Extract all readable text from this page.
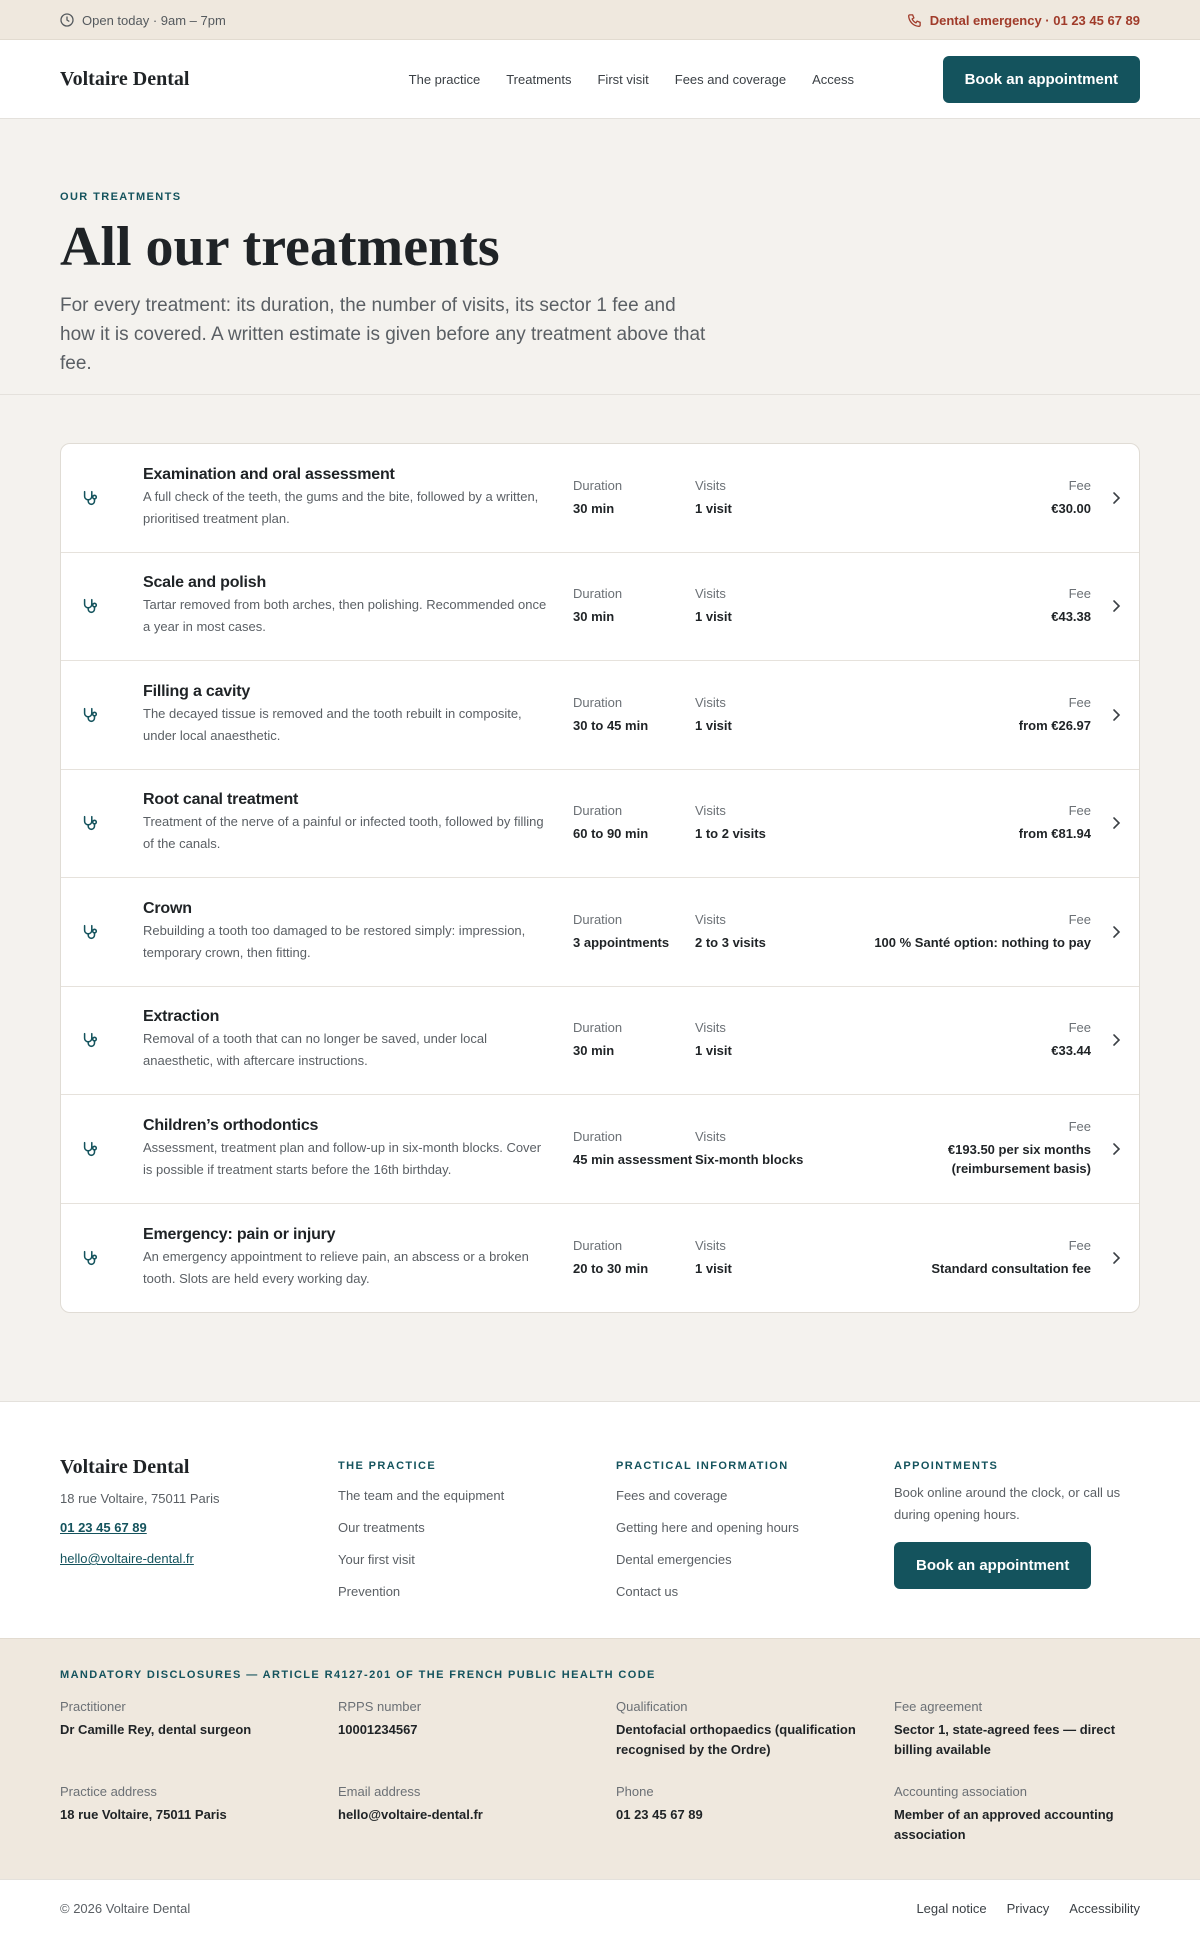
Open today · 9am – 7pm	Dental emergency · 01 23 45 67 89
Voltaire Dental	The practice Treatments First visit Fees and coverage Access	Book an appointment
OUR TREATMENTS
All our treatments

For every treatment: its duration, the number of visits, its sector 1 fee and how it is covered. A written estimate is given before any treatment above that fee.

Examination and oral assessment
A full check of the teeth, the gums and the bite, followed by a written, prioritised treatment plan.
Duration
30 min
Visits
1 visit
Fee
€30.00
Scale and polish
Tartar removed from both arches, then polishing. Recommended once a year in most cases.
Duration
30 min
Visits
1 visit
Fee
€43.38
Filling a cavity
The decayed tissue is removed and the tooth rebuilt in composite, under local anaesthetic.
Duration
30 to 45 min
Visits
1 visit
Fee
from €26.97
Root canal treatment
Treatment of the nerve of a painful or infected tooth, followed by filling of the canals.
Duration
60 to 90 min
Visits
1 to 2 visits
Fee
from €81.94
Crown
Rebuilding a tooth too damaged to be restored simply: impression, temporary crown, then fitting.
Duration
3 appointments
Visits
2 to 3 visits
Fee
100 % Santé option: nothing to pay
Extraction
Removal of a tooth that can no longer be saved, under local anaesthetic, with aftercare instructions.
Duration
30 min
Visits
1 visit
Fee
€33.44
Children’s orthodontics
Assessment, treatment plan and follow-up in six-month blocks. Cover is possible if treatment starts before the 16th birthday.
Duration
45 min assessment
Visits
Six-month blocks
Fee
€193.50 per six months (reimbursement basis)
Emergency: pain or injury
An emergency appointment to relieve pain, an abscess or a broken tooth. Slots are held every working day.
Duration
20 to 30 min
Visits
1 visit
Fee
Standard consultation fee
Voltaire Dental
18 rue Voltaire, 75011 Paris
01 23 45 67 89
hello@voltaire-dental.fr
THE PRACTICE
The team and the equipment
Our treatments
Your first visit
Prevention
PRACTICAL INFORMATION
Fees and coverage
Getting here and opening hours
Dental emergencies
Contact us
APPOINTMENTS
Book online around the clock, or call us during opening hours.
Book an appointment
MANDATORY DISCLOSURES — ARTICLE R4127-201 OF THE FRENCH PUBLIC HEALTH CODE
Practitioner
Dr Camille Rey, dental surgeon
RPPS number
10001234567
Qualification
Dentofacial orthopaedics (qualification recognised by the Ordre)
Fee agreement
Sector 1, state-agreed fees — direct billing available
Practice address
18 rue Voltaire, 75011 Paris
Email address
hello@voltaire-dental.fr
Phone
01 23 45 67 89
Accounting association
Member of an approved accounting association
© 2026 Voltaire Dental	Legal notice Privacy Accessibility
